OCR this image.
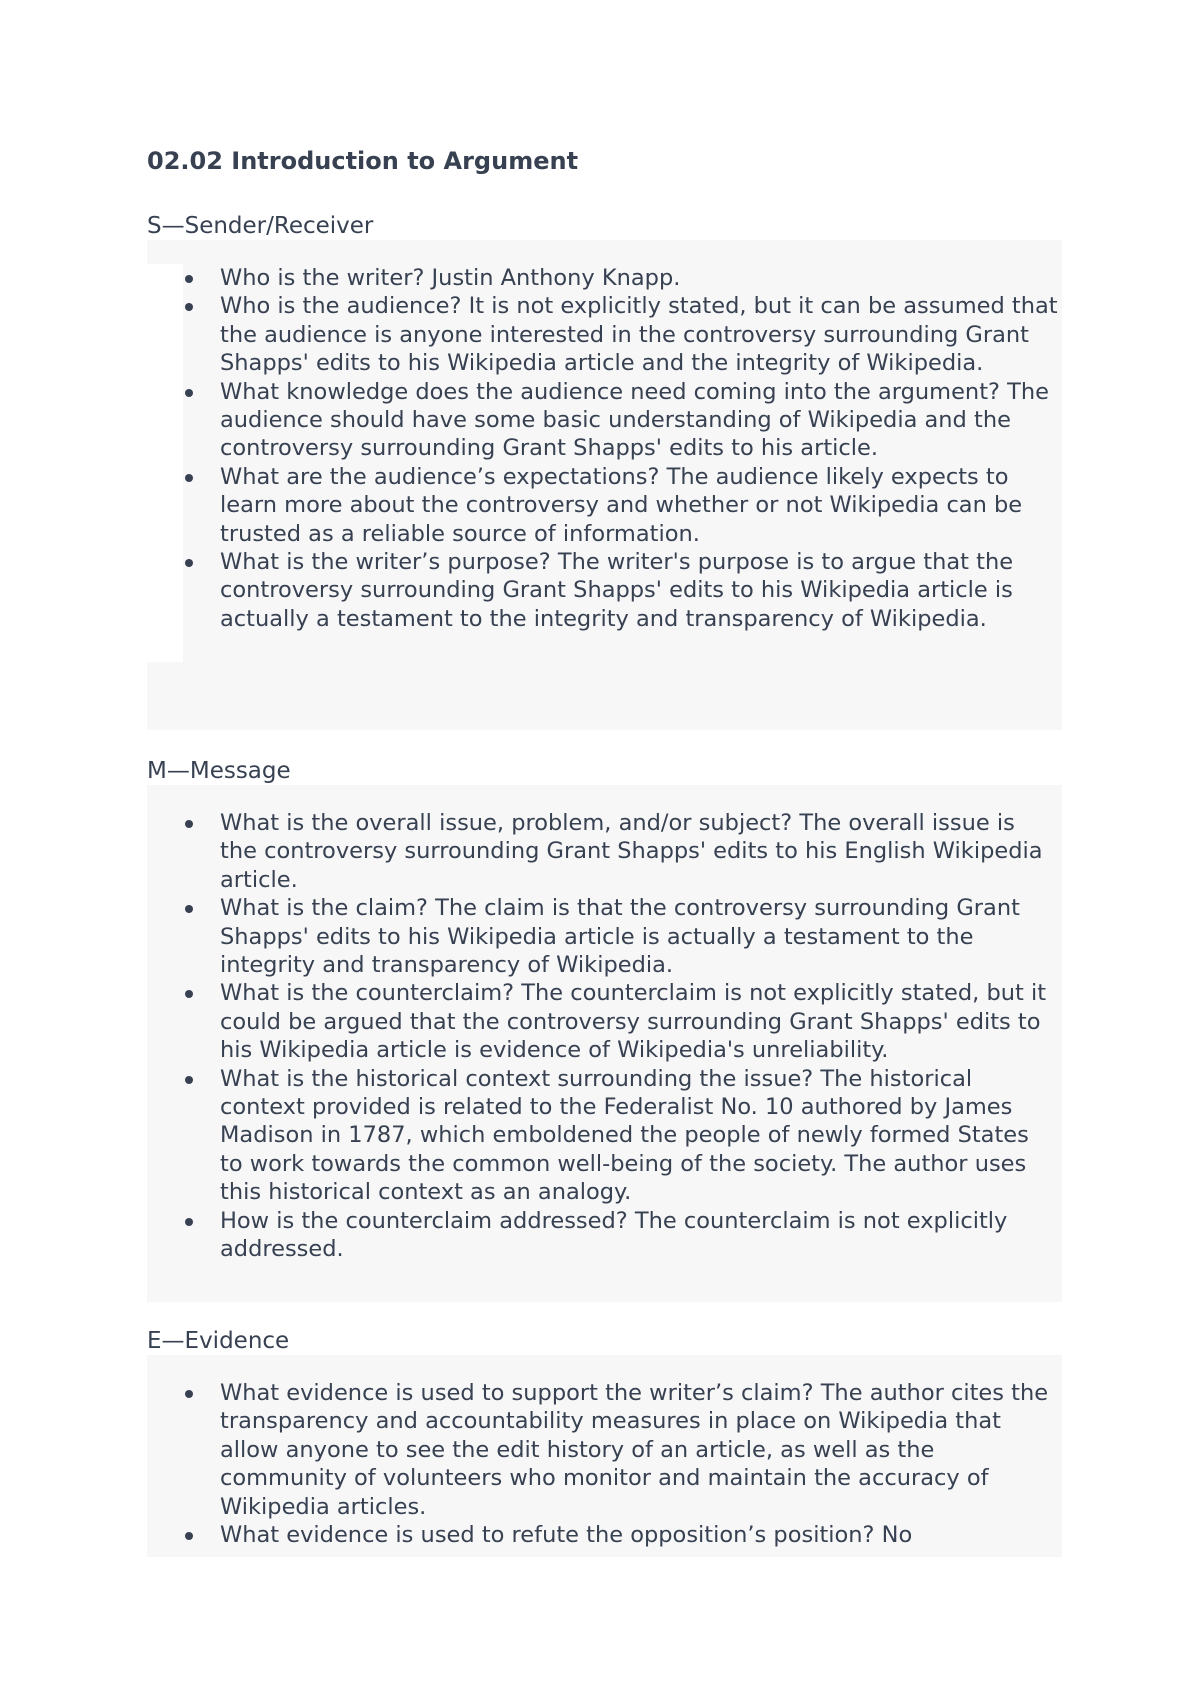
02.02 Introduction to Argument
S—Sender/Receiver
Who is the writer? Justin Anthony Knapp.
Who is the audience? It is not explicitly stated, but it can be assumed that the audience is anyone interested in the controversy surrounding Grant Shapps' edits to his Wikipedia article and the integrity of Wikipedia.
What knowledge does the audience need coming into the argument? The audience should have some basic understanding of Wikipedia and the controversy surrounding Grant Shapps' edits to his article.
What are the audience’s expectations? The audience likely expects to learn more about the controversy and whether or not Wikipedia can be trusted as a reliable source of information.
What is the writer’s purpose? The writer's purpose is to argue that the controversy surrounding Grant Shapps' edits to his Wikipedia article is actually a testament to the integrity and transparency of Wikipedia.
M—Message
What is the overall issue, problem, and/or subject? The overall issue is the controversy surrounding Grant Shapps' edits to his English Wikipedia article.
What is the claim? The claim is that the controversy surrounding Grant Shapps' edits to his Wikipedia article is actually a testament to the integrity and transparency of Wikipedia.
What is the counterclaim? The counterclaim is not explicitly stated, but it could be argued that the controversy surrounding Grant Shapps' edits to his Wikipedia article is evidence of Wikipedia's unreliability.
What is the historical context surrounding the issue? The historical context provided is related to the Federalist No. 10 authored by James Madison in 1787, which emboldened the people of newly formed States to work towards the common well-being of the society. The author uses this historical context as an analogy.
How is the counterclaim addressed? The counterclaim is not explicitly addressed.
E—Evidence
What evidence is used to support the writer’s claim? The author cites the transparency and accountability measures in place on Wikipedia that allow anyone to see the edit history of an article, as well as the community of volunteers who monitor and maintain the accuracy of Wikipedia articles.
What evidence is used to refute the opposition’s position? No
